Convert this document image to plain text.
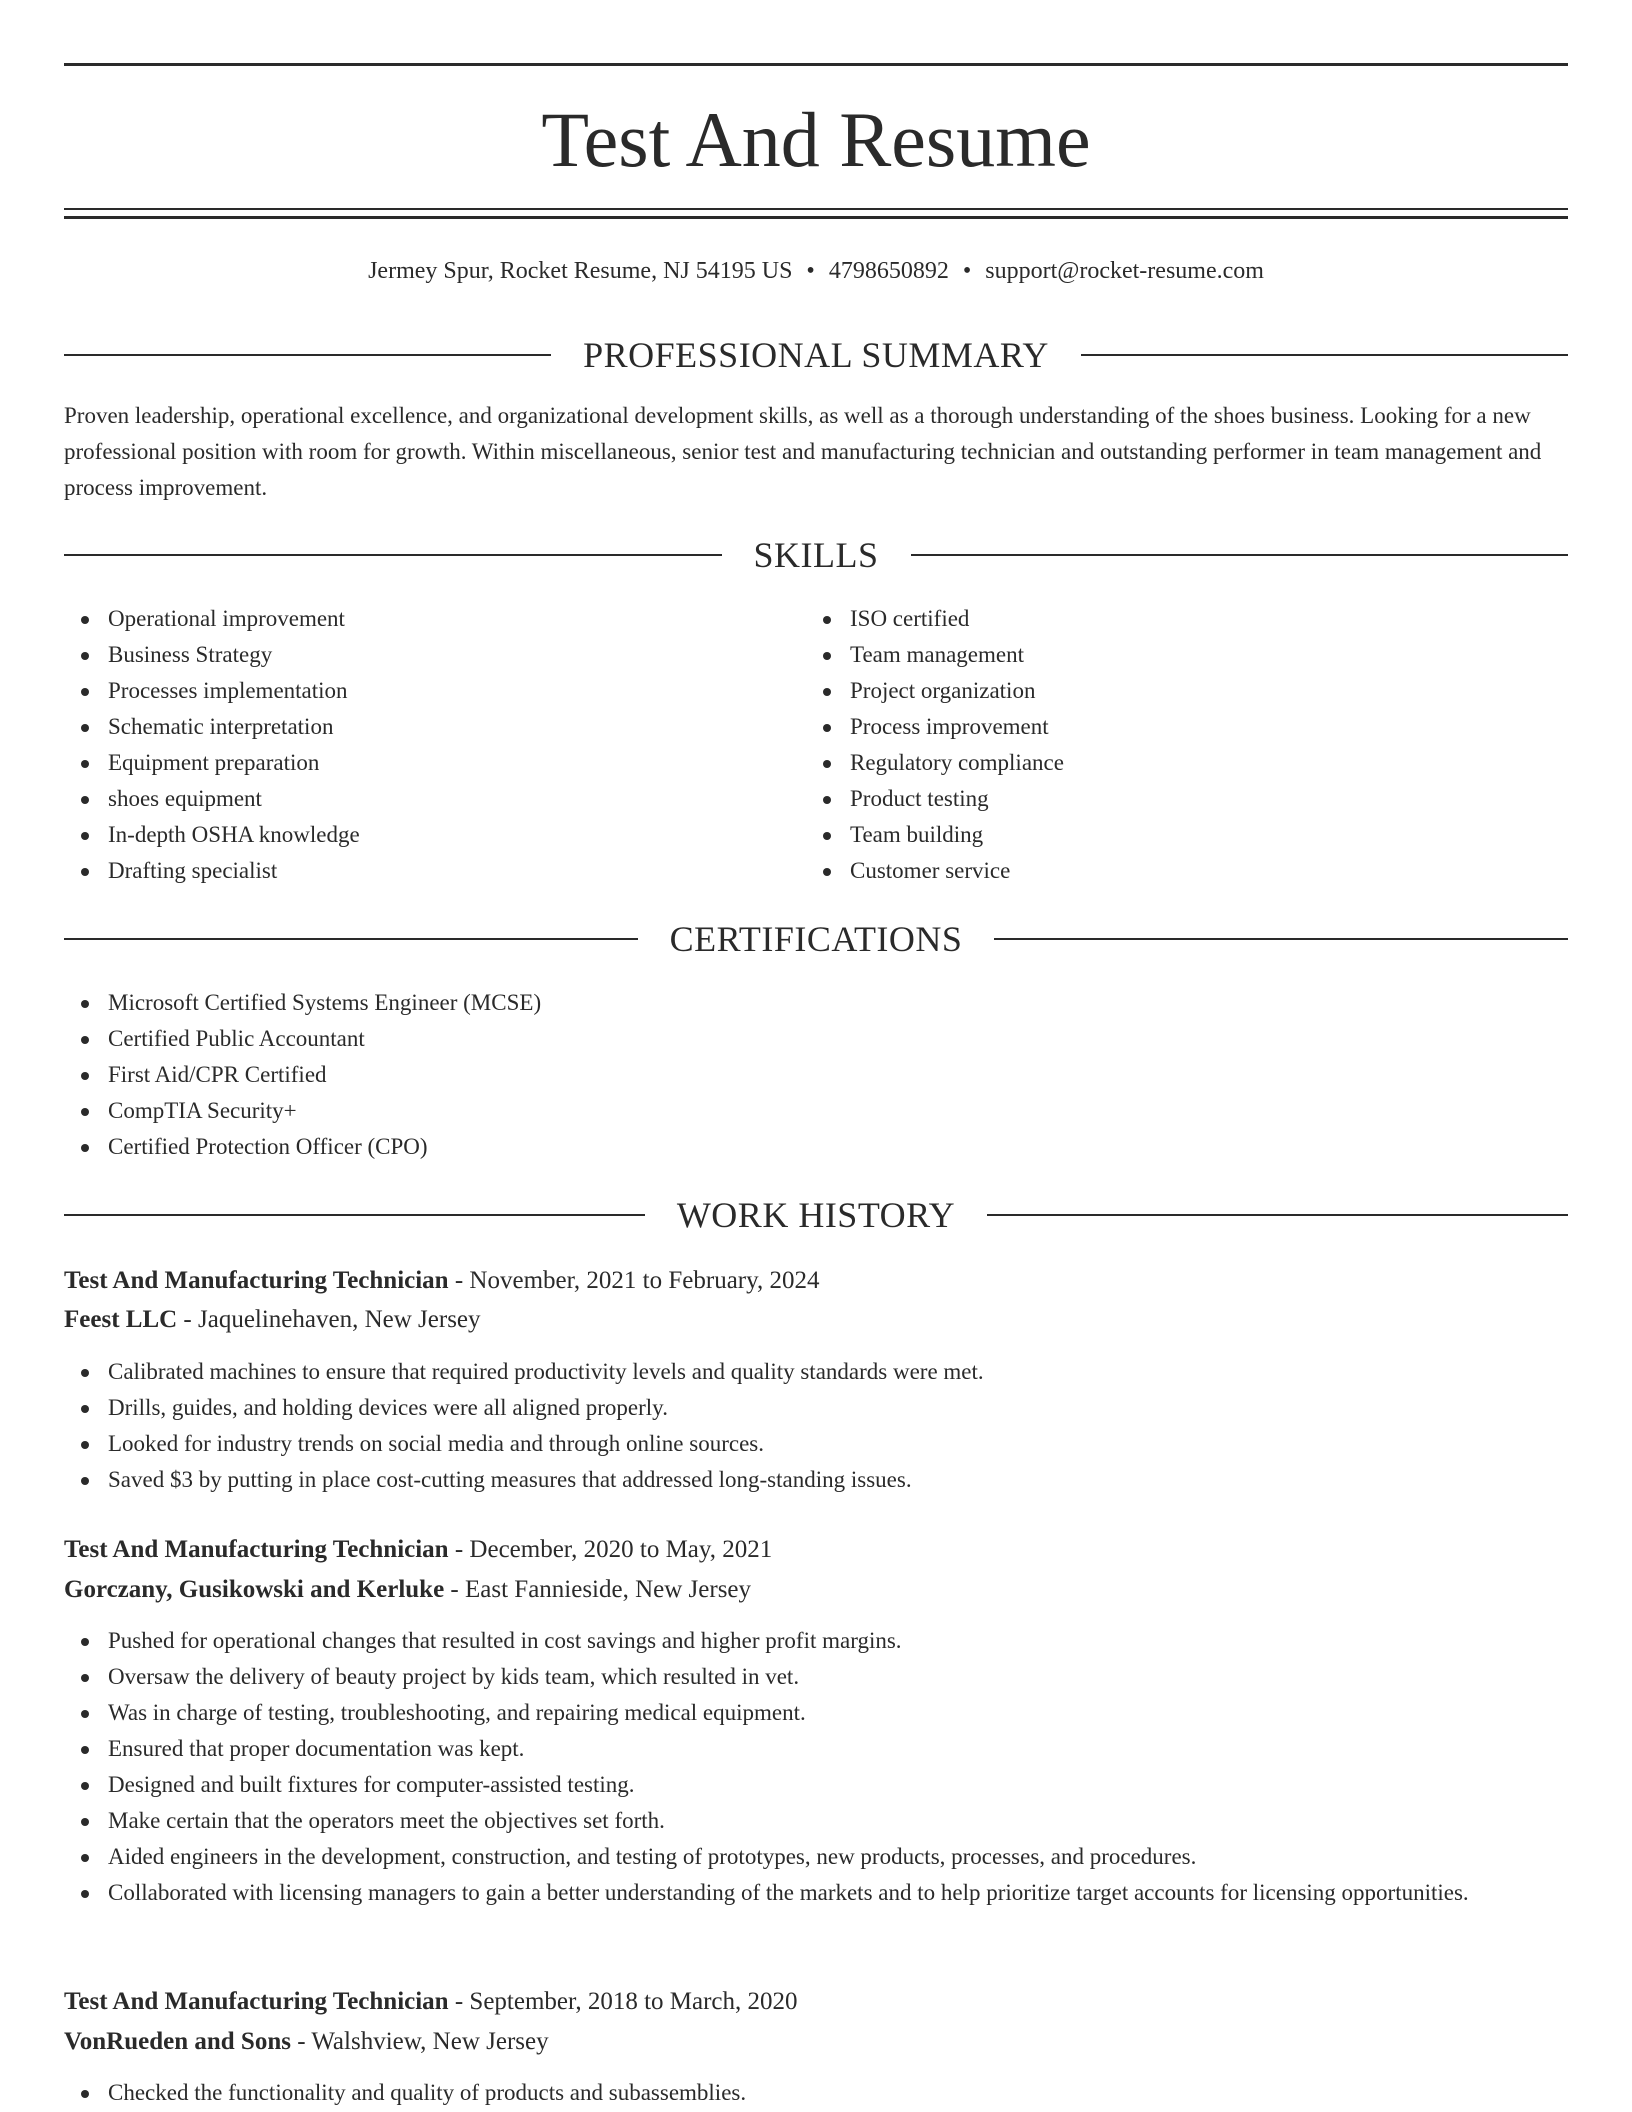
Test And Resume
Jermey Spur, Rocket Resume, NJ 54195 US • 4798650892 • support@rocket-resume.com
PROFESSIONAL SUMMARY

Proven leadership, operational excellence, and organizational development skills, as well as a thorough understanding of the shoes business. Looking for a new professional position with room for growth. Within miscellaneous, senior test and manufacturing technician and outstanding performer in team management and process improvement.

SKILLS
Operational improvement
Business Strategy
Processes implementation
Schematic interpretation
Equipment preparation
shoes equipment
In-depth OSHA knowledge
Drafting specialist
ISO certified
Team management
Project organization
Process improvement
Regulatory compliance
Product testing
Team building
Customer service
CERTIFICATIONS
Microsoft Certified Systems Engineer (MCSE)
Certified Public Accountant
First Aid/CPR Certified
CompTIA Security+
Certified Protection Officer (CPO)
WORK HISTORY

Test And Manufacturing Technician - November, 2021 to February, 2024

Feest LLC - Jaquelinehaven, New Jersey

Calibrated machines to ensure that required productivity levels and quality standards were met.
Drills, guides, and holding devices were all aligned properly.
Looked for industry trends on social media and through online sources.
Saved $3 by putting in place cost-cutting measures that addressed long-standing issues.

Test And Manufacturing Technician - December, 2020 to May, 2021

Gorczany, Gusikowski and Kerluke - East Fannieside, New Jersey

Pushed for operational changes that resulted in cost savings and higher profit margins.
Oversaw the delivery of beauty project by kids team, which resulted in vet.
Was in charge of testing, troubleshooting, and repairing medical equipment.
Ensured that proper documentation was kept.
Designed and built fixtures for computer-assisted testing.
Make certain that the operators meet the objectives set forth.
Aided engineers in the development, construction, and testing of prototypes, new products, processes, and procedures.
Collaborated with licensing managers to gain a better understanding of the markets and to help prioritize target accounts for licensing opportunities.

Test And Manufacturing Technician - September, 2018 to March, 2020

VonRueden and Sons - Walshview, New Jersey

Checked the functionality and quality of products and subassemblies.
